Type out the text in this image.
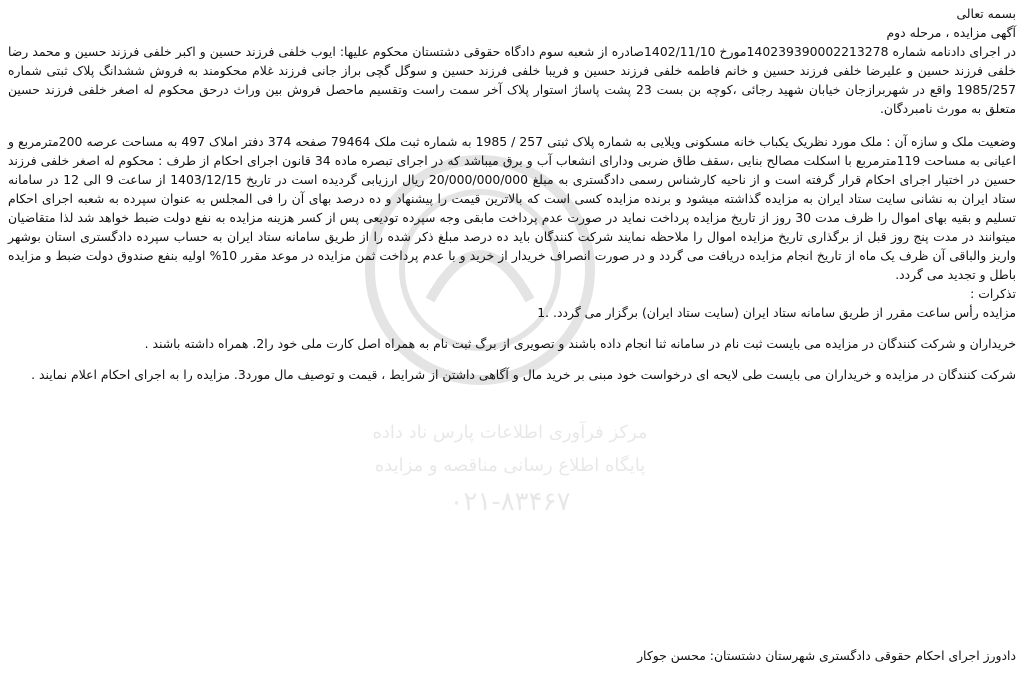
مرکز فرآوری اطلاعات پارس ناد داده
پایگاه اطلاع رسانی مناقصه و مزایده
۰۲۱-۸۳۴۶۷

بسمه تعالی

آگهی مزایده ، مرحله دوم

در اجرای دادنامه شماره 140239390002213278مورخ 1402/11/10صادره از شعبه سوم دادگاه حقوقی دشتستان محکوم علیها: ایوب خلفی فرزند حسین و اکبر خلفی فرزند حسین و محمد رضا خلفی فرزند حسین و علیرضا خلفی فرزند حسین و خانم فاطمه خلفی فرزند حسین و فریبا خلفی فرزند حسین و سوگل گچی براز جانی فرزند غلام محکومند به فروش ششدانگ پلاک ثبتی شماره 1985/257 واقع در شهربرازجان خیابان شهید رجائی ،کوچه بن بست 23 پشت پاساژ استوار پلاک آخر سمت راست وتقسیم ماحصل فروش بین وراث درحق محکوم له اصغر خلفی فرزند حسین متعلق به مورث نامبردگان.

وضعیت ملک و سازه آن : ملک مورد نظریک یکباب خانه مسکونی ویلایی به شماره پلاک ثبتی 257 / 1985 به شماره ثبت ملک 79464 صفحه 374 دفتر املاک 497 به مساحت عرصه 200مترمربع و اعیانی به مساحت 119مترمربع با اسکلت مصالح بنایی ،سقف طاق ضربی ودارای انشعاب آب و برق میباشد که در اجرای تبصره ماده 34 قانون اجرای احکام از طرف : محکوم له اصغر خلفی فرزند حسین در اختیار اجرای احکام قرار گرفته است و از ناحیه کارشناس رسمی دادگستری به مبلغ 20/000/000/000 ریال ارزیابی گردیده است در تاریخ 1403/12/15 از ساعت 9 الی 12 در سامانه ستاد ایران به نشانی سایت ستاد ایران به مزایده گذاشته میشود و برنده مزایده کسی است که بالاترین قیمت را پیشنهاد و ده درصد بهای آن را فی المجلس به عنوان سپرده به شعبه اجرای احکام تسلیم و بقیه بهای اموال را ظرف مدت 30 روز از تاریخ مزایده پرداخت نماید در صورت عدم پرداخت مابقی وجه سپرده تودیعی پس از کسر هزینه مزایده به نفع دولت ضبط خواهد شد لذا متقاضیان میتوانند در مدت پنج روز قبل از برگذاری تاریخ مزایده اموال را ملاحظه نمایند شرکت کنندگان باید ده درصد مبلغ ذکر شده را از طریق سامانه ستاد ایران به حساب سپرده دادگستری استان بوشهر واریز والباقی آن ظرف یک ماه از تاریخ انجام مزایده دریافت می گردد و در صورت انصراف خریدار از خرید و با عدم پرداخت ثمن مزایده در موعد مقرر 10% اولیه بنفع صندوق دولت ضبط و مزایده باطل و تجدید می گردد.

تذکرات :

مزایده رأس ساعت مقرر از طریق سامانه ستاد ایران (سایت ستاد ایران) برگزار می گردد. .1

خریداران و شرکت کنندگان در مزایده می بایست ثبت نام در سامانه ثنا انجام داده باشند و تصویری از برگ ثبت نام به همراه اصل کارت ملی خود را2. همراه داشته باشند .

شرکت کنندگان در مزایده و خریداران می بایست طی لایحه ای درخواست خود مبنی بر خرید مال و آگاهی داشتن از شرایط ، قیمت و توصیف مال مورد3. مزایده را به اجرای احکام اعلام نمایند .

دادورز اجرای احکام حقوقی دادگستری شهرستان دشتستان: محسن جوکار
